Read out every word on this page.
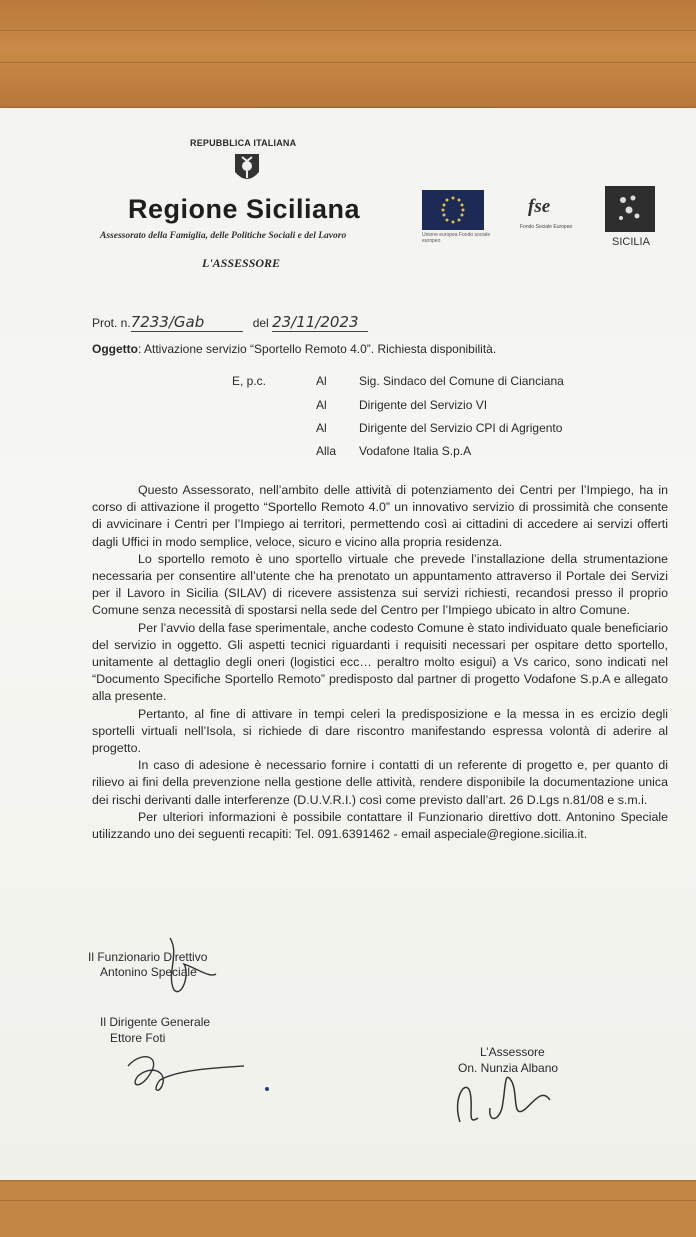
REPUBBLICA ITALIANA
Regione Siciliana
Assessorato della Famiglia, delle Politiche Sociali e del Lavoro
L'ASSESSORE
Unione europea Fondo sociale europeo
fse
Fondo Sociale Europeo
SICILIA
Prot. n.7233/Gab	del 23/11/2023
Oggetto: Attivazione servizio “Sportello Remoto 4.0”. Richiesta disponibilità.
E, p.c.	Al	Sig. Sindaco del Comune di Cianciana
Al	Dirigente del Servizio VI
Al	Dirigente del Servizio CPI di Agrigento
Alla Vodafone Italia S.p.A

Questo Assessorato, nell’ambito delle attività di potenziamento dei Centri per l’Impiego, ha in corso di attivazione il progetto “Sportello Remoto 4.0” un innovativo servizio di prossimità che consente di avvicinare i Centri per l’Impiego ai territori, permettendo così ai cittadini di accedere ai servizi offerti dagli Uffici in modo semplice, veloce, sicuro e vicino alla propria residenza.

Lo sportello remoto è uno sportello virtuale che prevede l’installazione della strumentazione necessaria per consentire all’utente che ha prenotato un appuntamento attraverso il Portale dei Servizi per il Lavoro in Sicilia (SILAV) di ricevere assistenza sui servizi richiesti, recandosi presso il proprio Comune senza necessità di spostarsi nella sede del Centro per l’Impiego ubicato in altro Comune.

Per l’avvio della fase sperimentale, anche codesto Comune è stato individuato quale beneficiario del servizio in oggetto. Gli aspetti tecnici riguardanti i requisiti necessari per ospitare detto sportello, unitamente al dettaglio degli oneri (logistici ecc… peraltro molto esigui) a Vs carico, sono indicati nel “Documento Specifiche Sportello Remoto” predisposto dal partner di progetto Vodafone S.p.A e allegato alla presente.

Pertanto, al fine di attivare in tempi celeri la predisposizione e la messa in es ercizio degli sportelli virtuali nell’Isola, si richiede di dare riscontro manifestando espressa volontà di aderire al progetto.

In caso di adesione è necessario fornire i contatti di un referente di progetto e, per quanto di rilievo ai fini della prevenzione nella gestione delle attività, rendere disponibile la documentazione unica dei rischi derivanti dalle interferenze (D.U.V.R.I.) così come previsto dall’art. 26 D.Lgs n.81/08 e s.m.i.

Per ulteriori informazioni è possibile contattare il Funzionario direttivo dott. Antonino Speciale utilizzando uno dei seguenti recapiti: Tel. 091.6391462 - email aspeciale@regione.sicilia.it.

Il Funzionario Direttivo
Antonino Speciale
Il Dirigente Generale
Ettore Foti
L’Assessore
On. Nunzia Albano
